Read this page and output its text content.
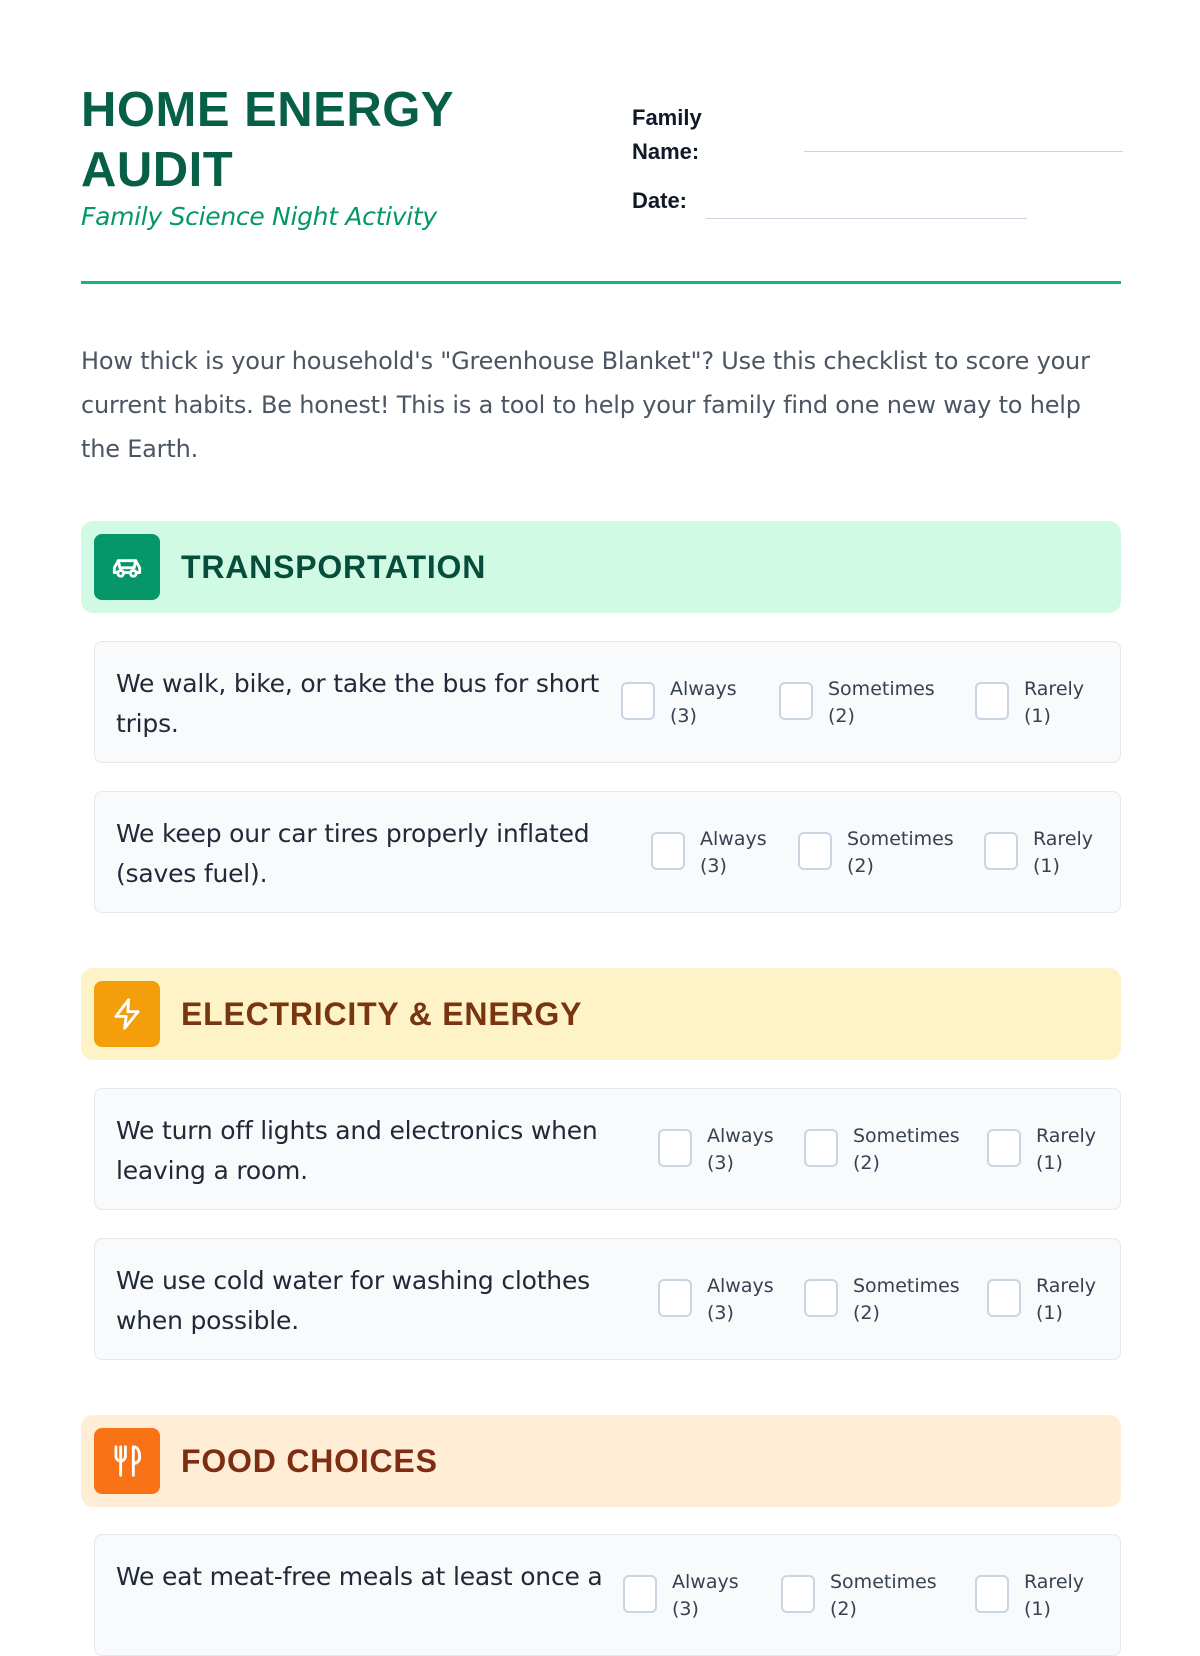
HOME ENERGY AUDIT
Family Science Night Activity
Family
Name:
Date:

How thick is your household's "Greenhouse Blanket"? Use this checklist to score your current habits. Be honest! This is a tool to help your family find one new way to help the Earth.

TRANSPORTATION
We walk, bike, or take the bus for short trips.
Always
(3)
Sometimes
(2)
Rarely
(1)
We keep our car tires properly inflated (saves fuel).
Always
(3)
Sometimes
(2)
Rarely
(1)
ELECTRICITY & ENERGY
We turn off lights and electronics when leaving a room.
Always
(3)
Sometimes
(2)
Rarely
(1)
We use cold water for washing clothes when possible.
Always
(3)
Sometimes
(2)
Rarely
(1)
FOOD CHOICES
We eat meat-free meals at least once a	Always
(3)
Sometimes
(2)
Rarely
(1)
